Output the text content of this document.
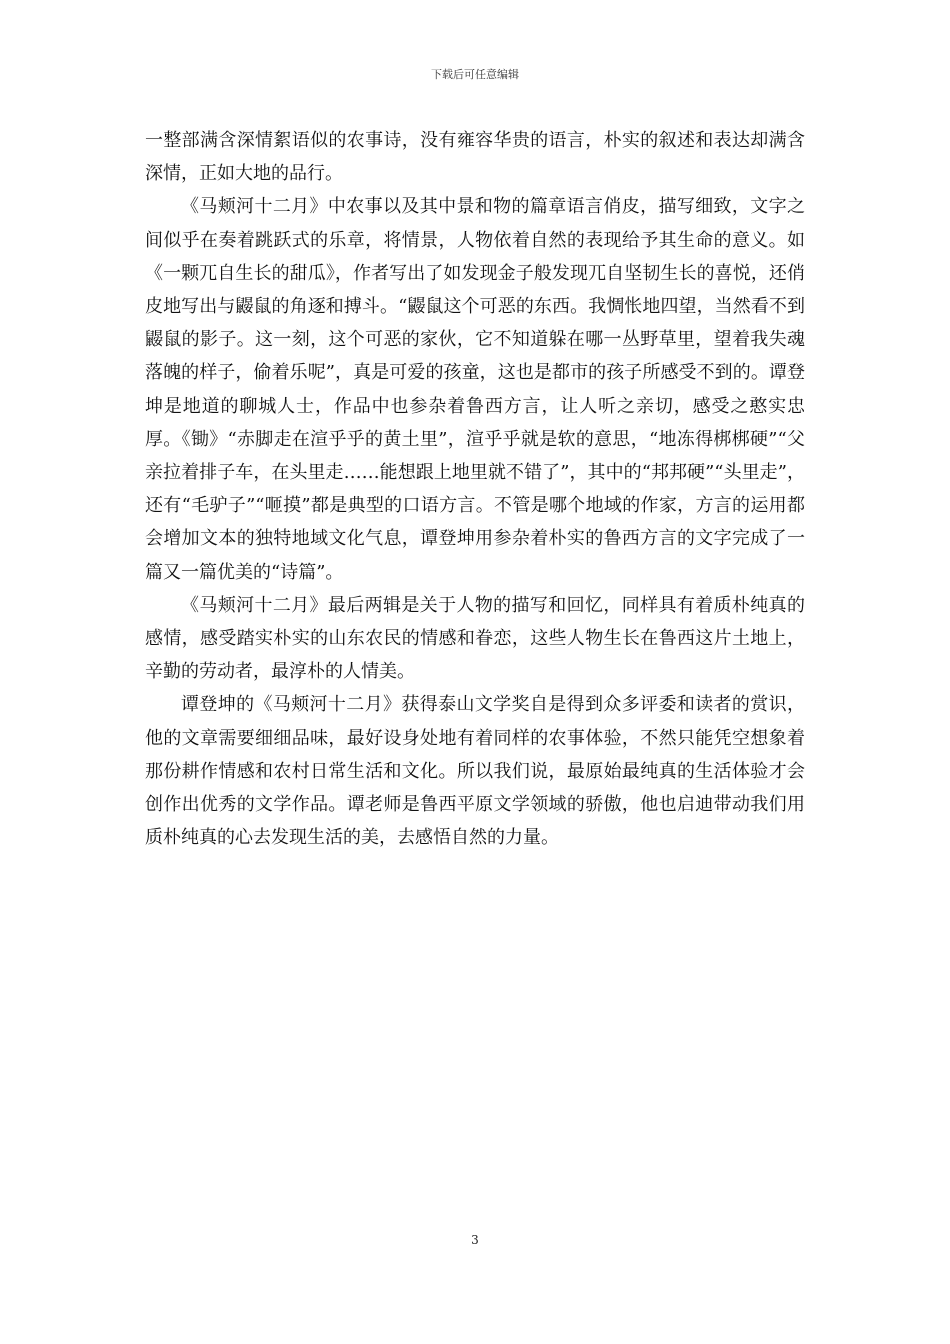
下载后可任意编辑

一整部满含深情絮语似的农事诗，没有雍容华贵的语言，朴实的叙述和表达却满含深情，正如大地的品行。

《马颊河十二月》中农事以及其中景和物的篇章语言俏皮，描写细致，文字之间似乎在奏着跳跃式的乐章，将情景，人物依着自然的表现给予其生命的意义。如《一颗兀自生长的甜瓜》，作者写出了如发现金子般发现兀自坚韧生长的喜悦，还俏皮地写出与鼹鼠的角逐和搏斗。“鼹鼠这个可恶的东西。我惆怅地四望，当然看不到鼹鼠的影子。这一刻，这个可恶的家伙，它不知道躲在哪一丛野草里，望着我失魂落魄的样子，偷着乐呢”，真是可爱的孩童，这也是都市的孩子所感受不到的。谭登坤是地道的聊城人士，作品中也参杂着鲁西方言，让人听之亲切，感受之憨实忠厚。《锄》“赤脚走在渲乎乎的黄土里”，渲乎乎就是软的意思，“地冻得梆梆硬”“父亲拉着排子车，在头里走……能想跟上地里就不错了”，其中的“邦邦硬”“头里走”，还有“毛驴子”“咂摸”都是典型的口语方言。不管是哪个地域的作家，方言的运用都会增加文本的独特地域文化气息，谭登坤用参杂着朴实的鲁西方言的文字完成了一篇又一篇优美的“诗篇”。

《马颊河十二月》最后两辑是关于人物的描写和回忆，同样具有着质朴纯真的感情，感受踏实朴实的山东农民的情感和眷恋，这些人物生长在鲁西这片土地上，辛勤的劳动者，最淳朴的人情美。

谭登坤的《马颊河十二月》获得泰山文学奖自是得到众多评委和读者的赏识，他的文章需要细细品味，最好设身处地有着同样的农事体验，不然只能凭空想象着那份耕作情感和农村日常生活和文化。所以我们说，最原始最纯真的生活体验才会创作出优秀的文学作品。谭老师是鲁西平原文学领域的骄傲，他也启迪带动我们用质朴纯真的心去发现生活的美，去感悟自然的力量。

3
